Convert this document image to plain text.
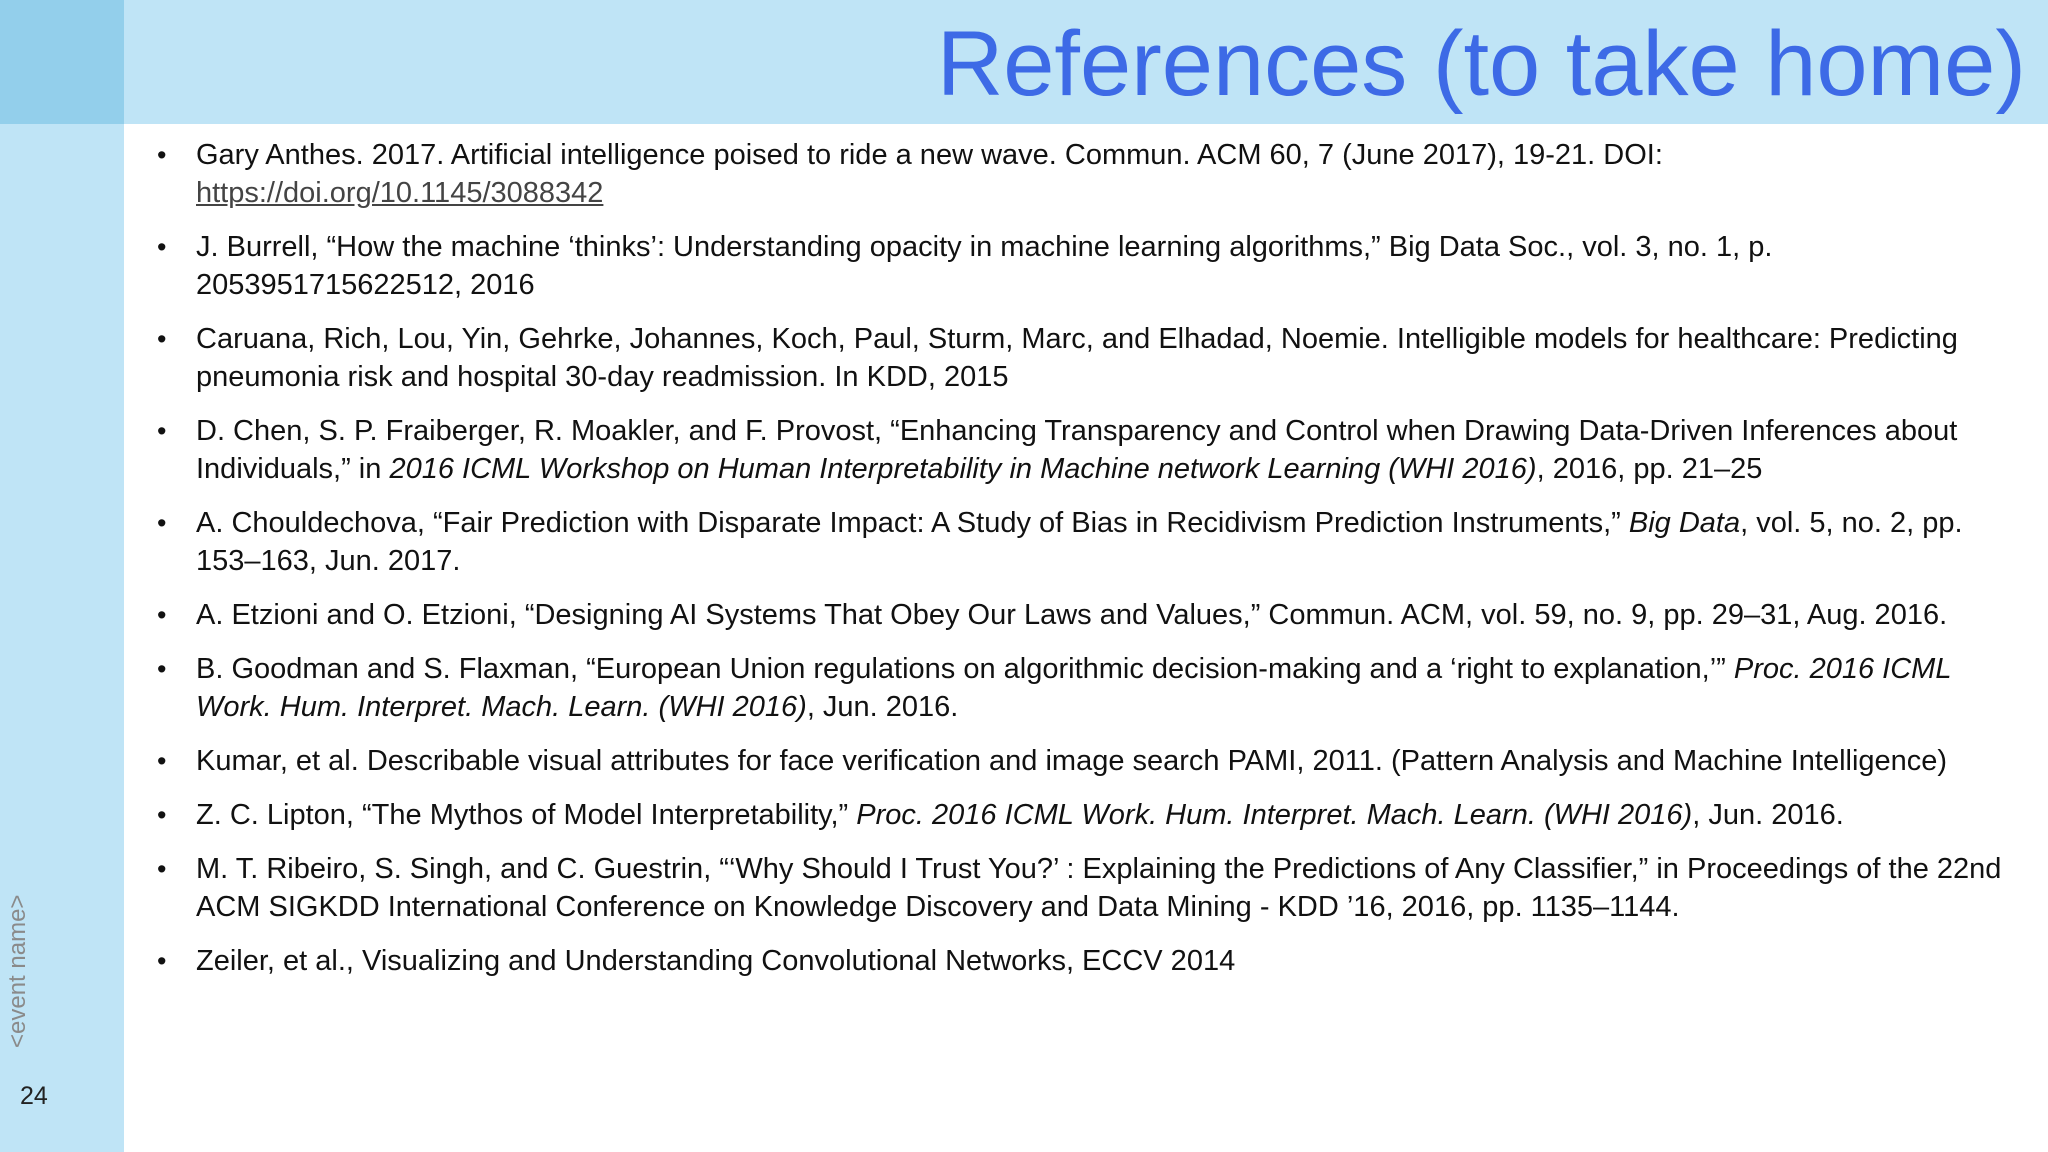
References (to take home)
24
• Gary Anthes. 2017. Artificial intelligence poised to ride a new wave. Commun. ACM 60, 7 (June 2017), 19-21. DOI: https://doi.org/10.1145/3088342
• J. Burrell, “How the machine ‘thinks’: Understanding opacity in machine learning algorithms,” Big Data Soc., vol. 3, no. 1, p. 2053951715622512, 2016
• Caruana, Rich, Lou, Yin, Gehrke, Johannes, Koch, Paul, Sturm, Marc, and Elhadad, Noemie. Intelligible models for healthcare: Predicting pneumonia risk and hospital 30-day readmission. In KDD, 2015
• D. Chen, S. P. Fraiberger, R. Moakler, and F. Provost, “Enhancing Transparency and Control when Drawing Data-Driven Inferences about Individuals,” in 2016 ICML Workshop on Human Interpretability in Machine network Learning (WHI 2016), 2016, pp. 21–25
• A. Chouldechova, “Fair Prediction with Disparate Impact: A Study of Bias in Recidivism Prediction Instruments,” Big Data, vol. 5, no. 2, pp. 153–163, Jun. 2017.
• A. Etzioni and O. Etzioni, “Designing AI Systems That Obey Our Laws and Values,” Commun. ACM, vol. 59, no. 9, pp. 29–31, Aug. 2016.
• B. Goodman and S. Flaxman, “European Union regulations on algorithmic decision-making and a ‘right to explanation,’” Proc. 2016 ICML Work. Hum. Interpret. Mach. Learn. (WHI 2016), Jun. 2016.
• Kumar, et al. Describable visual attributes for face verification and image search PAMI, 2011. (Pattern Analysis and Machine Intelligence)
• Z. C. Lipton, “The Mythos of Model Interpretability,” Proc. 2016 ICML Work. Hum. Interpret. Mach. Learn. (WHI 2016), Jun. 2016.
• M. T. Ribeiro, S. Singh, and C. Guestrin, “‘Why Should I Trust You?’ : Explaining the Predictions of Any Classifier,” in Proceedings of the 22nd ACM SIGKDD International Conference on Knowledge Discovery and Data Mining - KDD ’16, 2016, pp. 1135–1144.
• Zeiler, et al., Visualizing and Understanding Convolutional Networks, ECCV 2014
